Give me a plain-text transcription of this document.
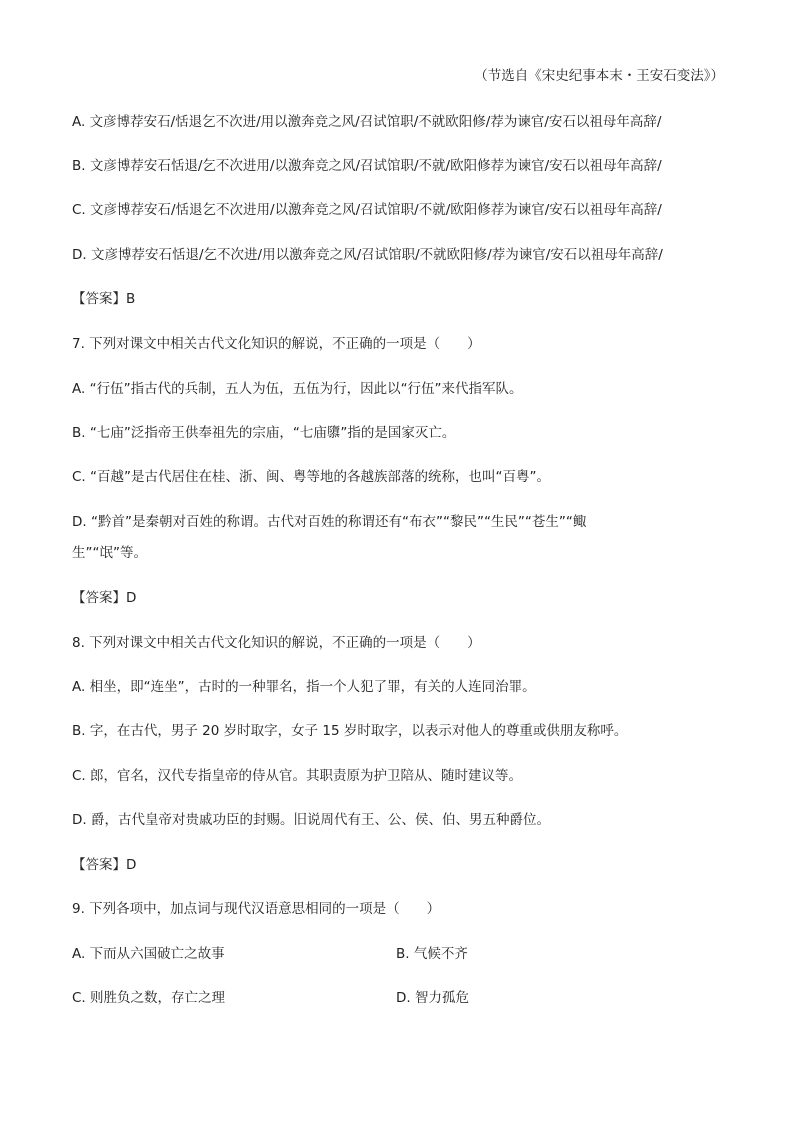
（节选自《宋史纪事本末・王安石变法》）
A. 文彦博荐安石/恬退乞不次进/用以激奔竞之风/召试馆职/不就欧阳修/荐为谏官/安石以祖母年高辞/
B. 文彦博荐安石恬退/乞不次进用/以激奔竞之风/召试馆职/不就/欧阳修荐为谏官/安石以祖母年高辞/
C. 文彦博荐安石/恬退乞不次进用/以激奔竞之风/召试馆职/不就/欧阳修荐为谏官/安石以祖母年高辞/
D. 文彦博荐安石恬退/乞不次进/用以激奔竞之风/召试馆职/不就欧阳修/荐为谏官/安石以祖母年高辞/
【答案】B
7. 下列对课文中相关古代文化知识的解说，不正确的一项是（　　）
A. “行伍”指古代的兵制，五人为伍，五伍为行，因此以“行伍”来代指军队。
B. “七庙”泛指帝王供奉祖先的宗庙，“七庙隳”指的是国家灭亡。
C. “百越”是古代居住在桂、浙、闽、粤等地的各越族部落的统称，也叫“百粤”。
D. “黔首”是秦朝对百姓的称谓。古代对百姓的称谓还有“布衣”“黎民”“生民”“苍生”“鲰
生”“氓”等。
【答案】D
8. 下列对课文中相关古代文化知识的解说，不正确的一项是（　　）
A. 相坐，即“连坐”，古时的一种罪名，指一个人犯了罪，有关的人连同治罪。
B. 字，在古代，男子 20 岁时取字，女子 15 岁时取字，以表示对他人的尊重或供朋友称呼。
C. 郎，官名，汉代专指皇帝的侍从官。其职责原为护卫陪从、随时建议等。
D. 爵，古代皇帝对贵戚功臣的封赐。旧说周代有王、公、侯、伯、男五种爵位。
【答案】D
9. 下列各项中，加点词与现代汉语意思相同的一项是（　　）
A. 下而从六国破亡之故事	B. 气候不齐
C. 则胜负之数，存亡之理	D. 智力孤危
